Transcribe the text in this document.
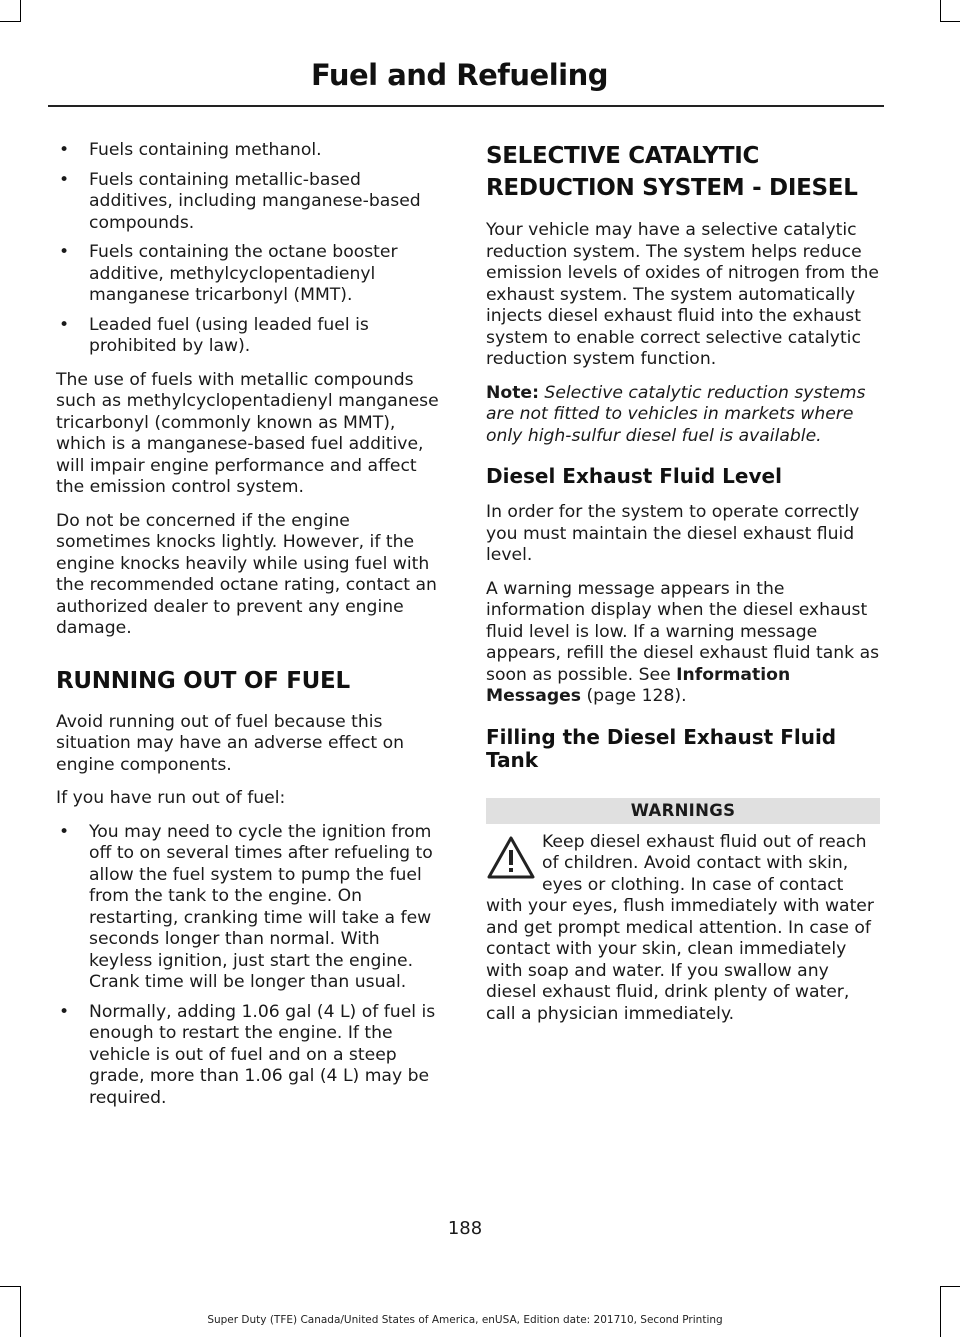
Fuel and Refueling
• Fuels containing methanol.
• Fuels containing metallic-based additives, including manganese-based compounds.
• Fuels containing the octane booster additive, methylcyclopentadienyl manganese tricarbonyl (MMT).
• Leaded fuel (using leaded fuel is prohibited by law).

The use of fuels with metallic compounds such as methylcyclopentadienyl manganese tricarbonyl (commonly known as MMT), which is a manganese-based fuel additive, will impair engine performance and affect the emission control system.

Do not be concerned if the engine sometimes knocks lightly. However, if the engine knocks heavily while using fuel with the recommended octane rating, contact an authorized dealer to prevent any engine damage.

RUNNING OUT OF FUEL

Avoid running out of fuel because this situation may have an adverse effect on engine components.

If you have run out of fuel:

• You may need to cycle the ignition from off to on several times after refueling to allow the fuel system to pump the fuel from the tank to the engine. On restarting, cranking time will take a few seconds longer than normal. With keyless ignition, just start the engine. Crank time will be longer than usual.
• Normally, adding 1.06 gal (4 L) of fuel is enough to restart the engine. If the vehicle is out of fuel and on a steep grade, more than 1.06 gal (4 L) may be required.
SELECTIVE CATALYTIC
REDUCTION SYSTEM - DIESEL

Your vehicle may have a selective catalytic reduction system. The system helps reduce emission levels of oxides of nitrogen from the exhaust system. The system automatically injects diesel exhaust fluid into the exhaust system to enable correct selective catalytic reduction system function.

Note: Selective catalytic reduction systems are not fitted to vehicles in markets where only high-sulfur diesel fuel is available.

Diesel Exhaust Fluid Level

In order for the system to operate correctly you must maintain the diesel exhaust fluid level.

A warning message appears in the information display when the diesel exhaust fluid level is low. If a warning message appears, refill the diesel exhaust fluid tank as soon as possible. See Information Messages (page 128).

Filling the Diesel Exhaust Fluid Tank
WARNINGS

Keep diesel exhaust fluid out of reach of children. Avoid contact with skin, eyes or clothing. In case of contact with your eyes, flush immediately with water and get prompt medical attention. In case of contact with your skin, clean immediately with soap and water. If you swallow any diesel exhaust fluid, drink plenty of water, call a physician immediately.

188
Super Duty (TFE) Canada/United States of America, enUSA, Edition date: 201710, Second Printing
